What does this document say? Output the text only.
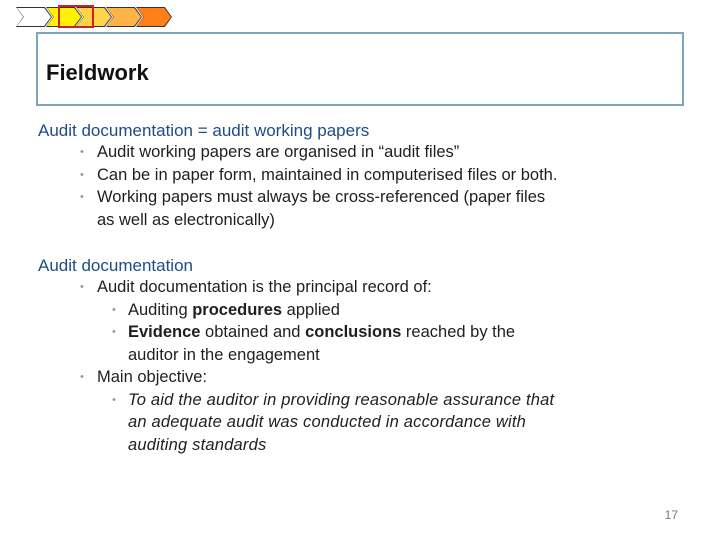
Fieldwork

Audit documentation = audit working papers

• Audit working papers are organised in “audit files”
• Can be in paper form, maintained in computerised files or both.
• Working papers must always be cross-referenced (paper files
as well as electronically)

Audit documentation

• Audit documentation is the principal record of:
• Auditing procedures applied
• Evidence obtained and conclusions reached by the
auditor in the engagement
• Main objective:
• To aid the auditor in providing reasonable assurance that
an adequate audit was conducted in accordance with
auditing standards
17
